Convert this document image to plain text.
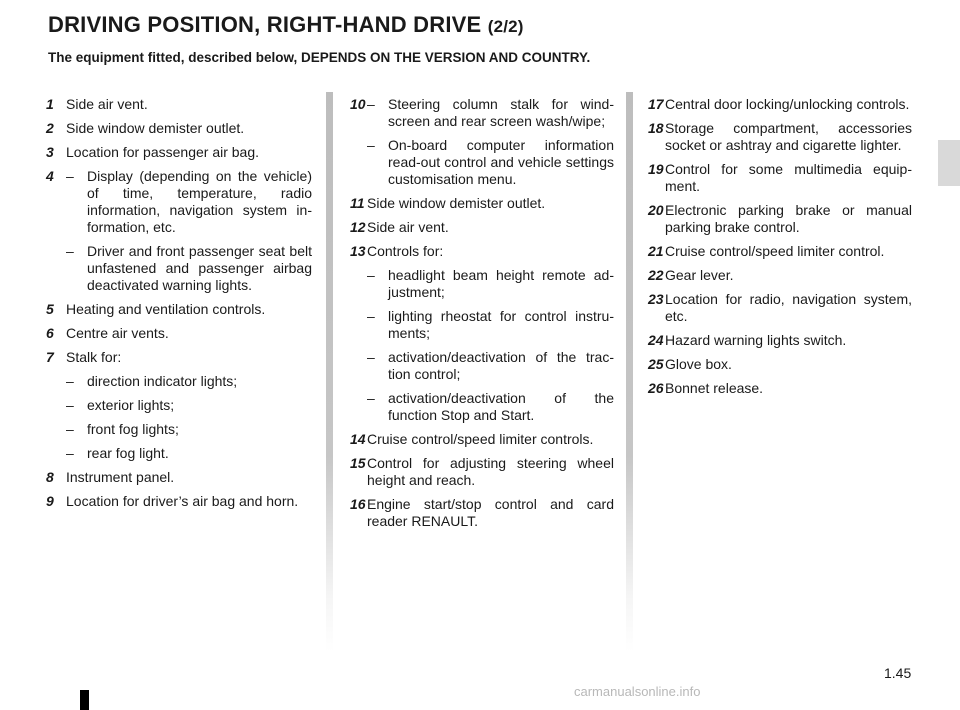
DRIVING POSITION, RIGHT-HAND DRIVE (2/2)
The equipment fitted, described below, DEPENDS ON THE VERSION AND COUNTRY.
1 Side air vent.
2 Side window demister outlet.
3 Location for passenger air bag.
4 – Display (depending on the vehicle) of time, temperature, radio information, navigation system information, etc.
– Driver and front passenger seat belt unfastened and passenger airbag deactivated warning lights.
5 Heating and ventilation controls.
6 Centre air vents.
7 Stalk for:
– direction indicator lights;
– exterior lights;
– front fog lights;
– rear fog light.
8 Instrument panel.
9 Location for driver’s air bag and horn.
10 – Steering column stalk for windscreen and rear screen wash/wipe;
– On-board computer information read-out control and vehicle settings customisation menu.
11 Side window demister outlet.
12 Side air vent.
13 Controls for:
– headlight beam height remote adjustment;
– lighting rheostat for control instruments;
– activation/deactivation of the traction control;
– activation/deactivation of the function Stop and Start.
14 Cruise control/speed limiter controls.
15 Control for adjusting steering wheel height and reach.
16 Engine start/stop control and card reader RENAULT.
17 Central door locking/unlocking controls.
18 Storage compartment, accessories socket or ashtray and cigarette lighter.
19 Control for some multimedia equipment.
20 Electronic parking brake or manual parking brake control.
21 Cruise control/speed limiter control.
22 Gear lever.
23 Location for radio, navigation system, etc.
24 Hazard warning lights switch.
25 Glove box.
26 Bonnet release.
1.45
carmanualsonline.info
